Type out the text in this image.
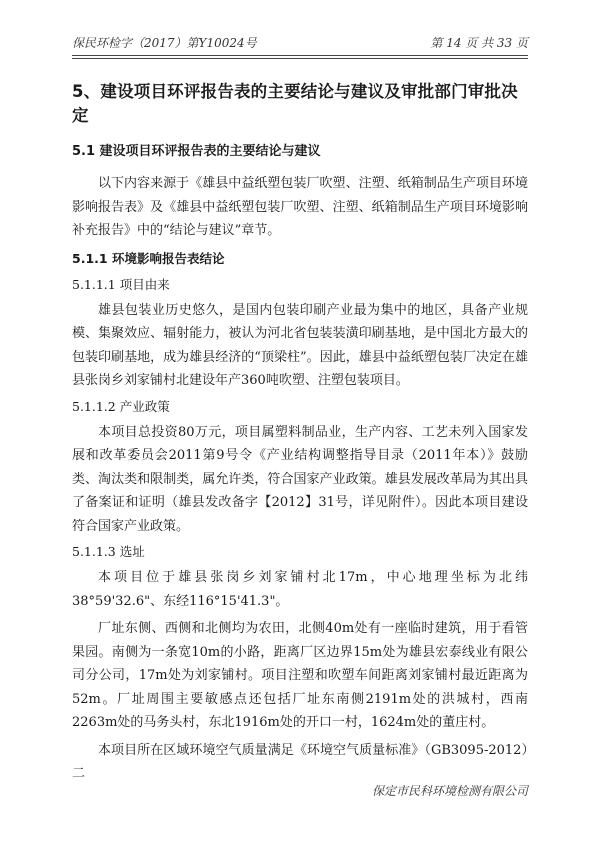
保民环检字（2017）第Y10024号	第 14 页 共 33 页
5、建设项目环评报告表的主要结论与建议及审批部门审批决定
5.1 建设项目环评报告表的主要结论与建议

以下内容来源于《雄县中益纸塑包装厂吹塑、注塑、纸箱制品生产项目环境影响报告表》及《雄县中益纸塑包装厂吹塑、注塑、纸箱制品生产项目环境影响补充报告》中的“结论与建议”章节。

5.1.1 环境影响报告表结论
5.1.1.1 项目由来

雄县包装业历史悠久，是国内包装印刷产业最为集中的地区，具备产业规模、集聚效应、辐射能力，被认为河北省包装装潢印刷基地，是中国北方最大的包装印刷基地，成为雄县经济的“顶梁柱”。因此，雄县中益纸塑包装厂决定在雄县张岗乡刘家铺村北建设年产360吨吹塑、注塑包装项目。

5.1.1.2 产业政策

本项目总投资80万元，项目属塑料制品业，生产内容、工艺未列入国家发展和改革委员会2011第9号令《产业结构调整指导目录（2011年本）》鼓励类、淘汰类和限制类，属允许类，符合国家产业政策。雄县发展改革局为其出具了备案证和证明（雄县发改备字【2012】31号，详见附件）。因此本项目建设符合国家产业政策。

5.1.1.3 选址

本项目位于雄县张岗乡刘家铺村北17m，中心地理坐标为北纬38°59'32.6"、东经116°15'41.3"。

厂址东侧、西侧和北侧均为农田，北侧40m处有一座临时建筑，用于看管果园。南侧为一条宽10m的小路，距离厂区边界15m处为雄县宏泰线业有限公司分公司，17m处为刘家铺村。项目注塑和吹塑车间距离刘家铺村最近距离为52m。厂址周围主要敏感点还包括厂址东南侧2191m处的洪城村，西南2263m处的马务头村，东北1916m处的开口一村，1624m处的董庄村。

本项目所在区域环境空气质量满足《环境空气质量标准》（GB3095-2012）二

保定市民科环境检测有限公司
